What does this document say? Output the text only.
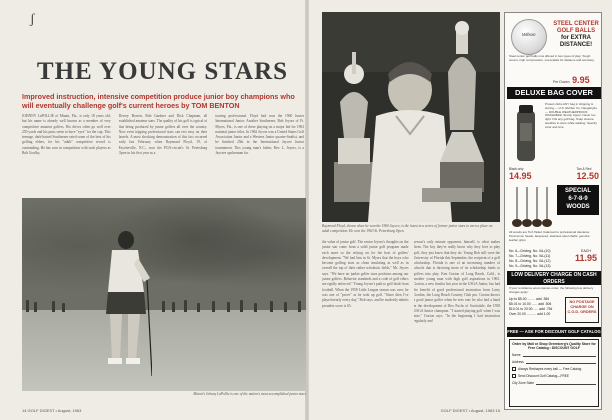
ʃ
THE YOUNG STARS
Improved instruction, intensive competition produce junior boy champions who will eventually challenge golf's current heroes by TOM BENTON

JOHNNY LaPOLLIE of Miami, Fla., is only 18 years old, but his name is already well known as a member of very competitive amateur golfers. His drives often go well over 250 yards and his putts seem to have "eyes" for the cup. This teenage, dark-haired Southerner rated some of the best of his golfing elders, for his "adult" competitive record is outstanding. He has won in competition with such players as Bob Goalby,

Dewey Bowen, Bob Gardner and Dick Chapman, all established amateur stars. The quality of his golf is typical of that being produced by junior golfers all over the country. Now even tripping professional stars can rest easy on their laurels. A most shocking demonstration of this fact occurred early last February when Raymond Floyd, 19, of Fayetteville, N.C., won the PGA-circuit's St. Petersburg Open in his first year as a

touring professional. Floyd had won the 1960 Junior International Junior. Another Southerner, Bob Jeyors of Ft. Myers, Fla., is one of these playing on a major bid for 1963 national junior titles. In 1962 Jeyors was a United States Golf Association Junior and a Western Junior quarter-finalist, and he finished 25th in the International Jaycee Junior tournament. This young man's father, Rev. L. Jeyors, is a Jaycees spokesman for

Miami's Johnny LaPollie is one of the nation's most accomplished junior stars
14 GOLF DIGEST • August, 1963
Raymond Floyd, shown when he won the 1960 Jaycee, is the latest in a series of former junior stars to earn a place on adult competition. He won the 1963 St. Petersburg Open.

the value of junior golf. The senior Jeyors's thoughts on the junior star come from a solid junior golf program made each more so the relying on for the host of golfers' development. "We had him in St. Myers that the boys who become golfing stars as clean insulating as well as in overall the top of their rather scholastic fields," Mr. Jeyors says. "We have no junkie golfer stars positions among our junior golfers. Behavior standards and a code of golf ethics are rigidly enforced." Young Jeyors's path to golf dealt from football. When the 1958 Little League season was over, he was one of "prove" as he took up golf. "Since then I've played nearly every day," Bob says, and he modestly admits proudest score is 65.

person's only minute opponent, himself, is what makes them. The boy they're really know why they love to play golf, they just know that they do. Young Bob still were the University of Florida this September, the recipient of a golf scholarship. Florida is one of an increasing number of schools that is throwing more of its scholarship funds to golfers into play. Ken Gorton of Long Beach, Calif., is another young man with high golf aspirations in 1963. Gorton, a new finalist last year in the USGA Junior, has had the benefit of good professional instruction from Larry Gordon, the Long Beach Country Club pro. Gorton knows a good junior golfer when he sees one: he also had a hand in the development of Rex Fuchs of Scottsdale, the 1958 USGA Junior champion. "I started playing golf when I was nine," Gorton says. "In the beginning I had instruction regularly and

GOLF DIGEST • August, 1963 15
Wilson
STEEL CENTER
GOLF BALLS
for EXTRA
DISTANCE!
Steel center golf balls now offered in two types of play: Tough covers, high compression, unexcelled for distance and accuracy.
Per Dozen 9.95
DELUXE BAG COVER
Protect clubs ANY bag in shipping & storing — U.S. Rubber Co. Naugahyde — DOUBLE WEATHERPROOF. WASHABLE! Sturdy zipper. Never too tight. Fits any golf bag. Snap closure. Handles to store while walking. Specify color and size.
Black only
14.95
Tan & Red
12.50
SPECIAL
6-7-8-9
WOODS
All woods are Turf-Tailed, balanced to professional tolerance. Persimmon heads, lacquered, stainless steel shafts, genuine leather grips.
No. 6—Driving, No. 0A-(10)
No. 7—Driving, No. 0A-(11)
No. 8—Driving, No. 0A-(12)
No. 9—Driving, No. 0A-(13)
EACH
11.95
LOW DELIVERY CHARGE ON CASH ORDERS
If your remittance accompanies order, the following low delivery charges apply:
Up to $5.00 ........ add .35¢
$5.01 to 10.00 ...... add .50¢
$10.01 to 20.00 ..... add .75¢
Over 20.00 .......... add 1.00
NO POSTAGE CHARGE ON C.O.D. ORDERS
FREE — ASK FOR DISCOUNT GOLF CATALOG
Order by Mail or Shop Greenberg's Quality Store for Free Catalog • DISCOUNT GOLF
Name
Address
Always Reshapes every ball — Free Catalog
Send Discount Golf Catalog—FREE
City Zone State
